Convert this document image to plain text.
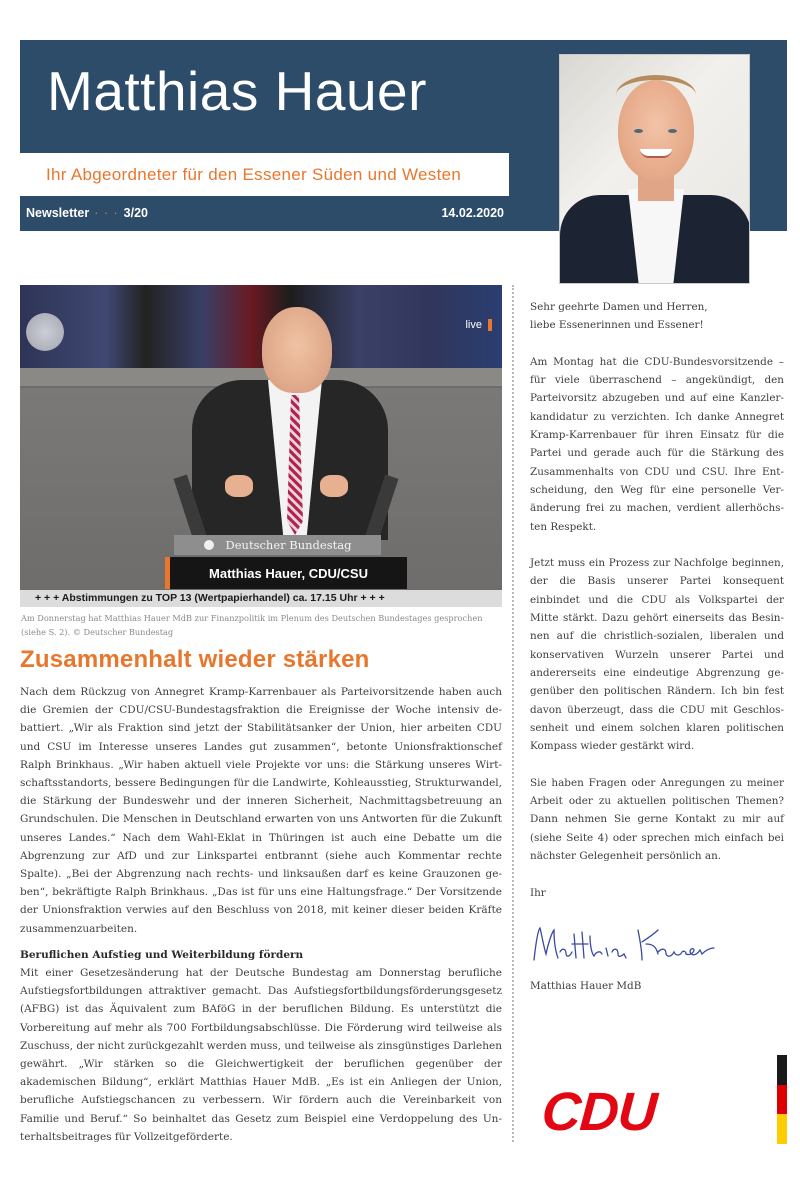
Matthias Hauer
Ihr Abgeordneter für den Essener Süden und Westen
Newsletter · · · 3/20	14.02.2020
live
Deutscher Bundestag
Matthias Hauer, CDU/CSU
+ + + Abstimmungen zu TOP 13 (Wertpapierhandel) ca. 17.15 Uhr + + +

Am Donnerstag hat Matthias Hauer MdB zur Finanzpolitik im Plenum des Deutschen Bundestages gesprochen (siehe S. 2). © Deutscher Bundestag

Zusammenhalt wieder stärken

Nach dem Rückzug von Annegret Kramp-Karrenbauer als Parteivorsitzende haben auch die Gremien der CDU/CSU-Bundestagsfraktion die Ereignisse der Woche intensiv debattiert. „Wir als Fraktion sind jetzt der Stabilitätsanker der Union, hier arbeiten CDU und CSU im Interesse unseres Landes gut zusammen“, betonte Unionsfraktionschef Ralph Brinkhaus. „Wir haben aktuell viele Projekte vor uns: die Stärkung unseres Wirtschaftsstandorts, bessere Bedingungen für die Landwirte, Kohleausstieg, Strukturwandel, die Stärkung der Bundeswehr und der inneren Sicherheit, Nachmittagsbetreuung an Grundschulen. Die Menschen in Deutschland erwarten von uns Antworten für die Zukunft unseres Landes.“ Nach dem Wahl-Eklat in Thüringen ist auch eine Debatte um die Abgrenzung zur AfD und zur Linkspartei entbrannt (siehe auch Kommentar rechte Spalte). „Bei der Abgrenzung nach rechts- und linksaußen darf es keine Grauzonen geben“, bekräftigte Ralph Brinkhaus. „Das ist für uns eine Haltungsfrage.“ Der Vorsitzende der Unionsfraktion verwies auf den Beschluss von 2018, mit keiner dieser beiden Kräfte zusammenzuarbeiten.

Beruflichen Aufstieg und Weiterbildung fördern

Mit einer Gesetzesänderung hat der Deutsche Bundestag am Donnerstag berufliche Aufstiegsfortbildungen attraktiver gemacht. Das Aufstiegsfortbildungsförderungsgesetz (AFBG) ist das Äquivalent zum BAföG in der beruflichen Bildung. Es unterstützt die Vorbereitung auf mehr als 700 Fortbildungsabschlüsse. Die Förderung wird teilweise als Zuschuss, der nicht zurückgezahlt werden muss, und teilweise als zinsgünstiges Darlehen gewährt. „Wir stärken so die Gleichwertigkeit der beruflichen gegenüber der akademischen Bildung“, erklärt Matthias Hauer MdB. „Es ist ein Anliegen der Union, berufliche Aufstiegschancen zu verbessern. Wir fördern auch die Vereinbarkeit von Familie und Beruf.“ So beinhaltet das Gesetz zum Beispiel eine Verdoppelung des Unterhaltsbeitrages für Vollzeitgeförderte.

Sehr geehrte Damen und Herren,
liebe Essenerinnen und Essener!

Am Montag hat die CDU-Bundesvorsitzende – für viele überraschend – angekündigt, den Parteivorsitz abzugeben und auf eine Kanzlerkandidatur zu verzichten. Ich danke Annegret Kramp-Karrenbauer für ihren Einsatz für die Partei und gerade auch für die Stärkung des Zusammenhalts von CDU und CSU. Ihre Entscheidung, den Weg für eine personelle Veränderung frei zu machen, verdient allerhöchsten Respekt.

Jetzt muss ein Prozess zur Nachfolge beginnen, der die Basis unserer Partei konsequent einbindet und die CDU als Volkspartei der Mitte stärkt. Dazu gehört einerseits das Besinnen auf die christlich-sozialen, liberalen und konservativen Wurzeln unserer Partei und andererseits eine eindeutige Abgrenzung gegenüber den politischen Rändern. Ich bin fest davon überzeugt, dass die CDU mit Geschlossenheit und einem solchen klaren politischen Kompass wieder gestärkt wird.

Sie haben Fragen oder Anregungen zu meiner Arbeit oder zu aktuellen politischen Themen? Dann nehmen Sie gerne Kontakt zu mir auf (siehe Seite 4) oder sprechen mich einfach bei nächster Gelegenheit persönlich an.

Ihr

Matthias Hauer MdB
CDU
